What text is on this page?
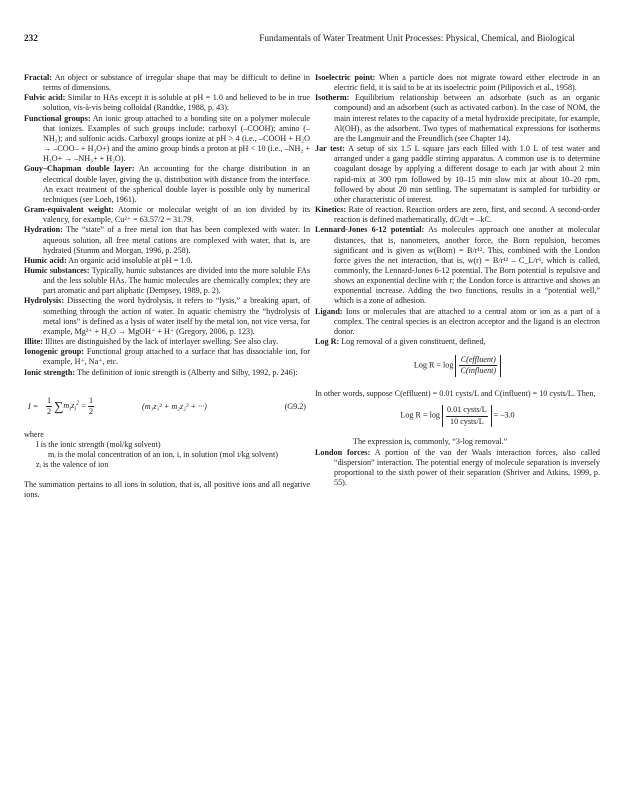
232	Fundamentals of Water Treatment Unit Processes: Physical, Chemical, and Biological

Fractal: An object or substance of irregular shape that may be difficult to define in terms of dimensions.

Fulvic acid: Similar to HAs except it is soluble at pH = 1.0 and believed to be in true solution, vis-à-vis being colloidal (Randtke, 1988, p. 43).

Functional groups: An ionic group attached to a bonding site on a polymer molecule that ionizes. Examples of such groups include: carboxyl (–COOH); amino (–NH₂); and sulfonic acids. Carboxyl groups ionize at pH > 4 (i.e., –COOH + H₂O → –COO– + H₃O+) and the amino group binds a proton at pH < 10 (i.e., –NH₂ + H₃O+ → –NH₃+ + H₂O).

Gouy–Chapman double layer: An accounting for the charge distribution in an electrical double layer, giving the ψₓ distribution with distance from the interface. An exact treatment of the spherical double layer is possible only by numerical techniques (see Loeb, 1961).

Gram-equivalent weight: Atomic or molecular weight of an ion divided by its valency, for example, Cu²⁺ = 63.57/2 = 31.79.

Hydration: The “state” of a free metal ion that has been complexed with water. In aqueous solution, all free metal cations are complexed with water, that is, are hydrated (Stumm and Morgan, 1996, p. 258).

Humic acid: An organic acid insoluble at pH = 1.0.

Humic substances: Typically, humic substances are divided into the more soluble FAs and the less soluble HAs. The humic molecules are chemically complex; they are part aromatic and part aliphatic (Dempsey, 1989, p. 2).

Hydrolysis: Dissecting the word hydrolysis, it refers to “lysis,” a breaking apart, of something through the action of water. In aquatic chemistry the “hydrolysis of metal ions” is defined as a lysis of water itself by the metal ion, not vice versa, for example, Mg²⁺ + H₂O → MgOH⁺ + H⁺ (Gregory, 2006, p. 123).

Illite: Illites are distinguished by the lack of interlayer swelling. See also clay.

Ionogenic group: Functional group attached to a surface that has dissociable ion, for example, H⁺, Na⁺, etc.

Ionic strength: The definition of ionic strength is (Alberty and Silby, 1992, p. 246):

$I = \frac{1}{2} \sum m_iz_i^2 = \frac{1}{2}$	(m₁z₁² + m₂z₂² + ···)	(G9.2)

where

I is the ionic strength (mol/kg solvent)

mᵢ is the molal concentration of an ion, i, in solution (mol i/kg solvent)

zᵢ is the valence of ion

The summation pertains to all ions in solution, that is, all positive ions and all negative ions.

Isoelectric point: When a particle does not migrate toward either electrode in an electric field, it is said to be at its isoelectric point (Pilipovich et al., 1958).

Isotherm: Equilibrium relationship between an adsorbate (such as an organic compound) and an adsorbent (such as activated carbon). In the case of NOM, the main interest relates to the capacity of a metal hydroxide precipitate, for example, Al(OH)₃ as the adsorbent. Two types of mathematical expressions for isotherms are the Langmuir and the Freundlich (see Chapter 14).

Jar test: A setup of six 1.5 L square jars each filled with 1.0 L of test water and arranged under a gang paddle stirring apparatus. A common use is to determine coagulant dosage by applying a different dosage to each jar with about 2 min rapid-mix at 300 rpm followed by 10–15 min slow mix at about 10–20 rpm, followed by about 20 min settling. The supernatant is sampled for turbidity or other characteristic of interest.

Kinetics: Rate of reaction. Reaction orders are zero, first, and second. A second-order reaction is defined mathematically, dC/dt = –kC.

Lennard-Jones 6-12 potential: As molecules approach one another at molecular distances, that is, nanometers, another force, the Born repulsion, becomes significant and is given as w(Born) = B/r¹². This, combined with the London force gives the net interaction, that is, w(r) = B/r¹² – C_L/r⁶, which is called, commonly, the Lennard-Jones 6-12 potential. The Born potential is repulsive and shows an exponential decline with r; the London force is attractive and shows an exponential increase. Adding the two functions, results in a “potential well,” which is a zone of adhesion.

Ligand: Ions or molecules that are attached to a central atom or ion as a part of a complex. The central species is an electron acceptor and the ligand is an electron donor.

Log R: Log removal of a given constituent, defined,

Log $R = \log \frac{\text{C(effluent)}}{\text{C(influent)}}$

In other words, suppose C(effluent) = 0.01 cysts/L and C(influent) = 10 cysts/L. Then,

Log $R = \log \frac{\text{0.01 cysts/L}}{\text{10 cysts/L}} = -3.0$

The expression is, commonly, “3-log removal.”

London forces: A portion of the van der Waals interaction forces, also called “dispersion” interaction. The potential energy of molecule separation is inversely proportional to the sixth power of their separation (Shriver and Atkins, 1999, p. 55).
